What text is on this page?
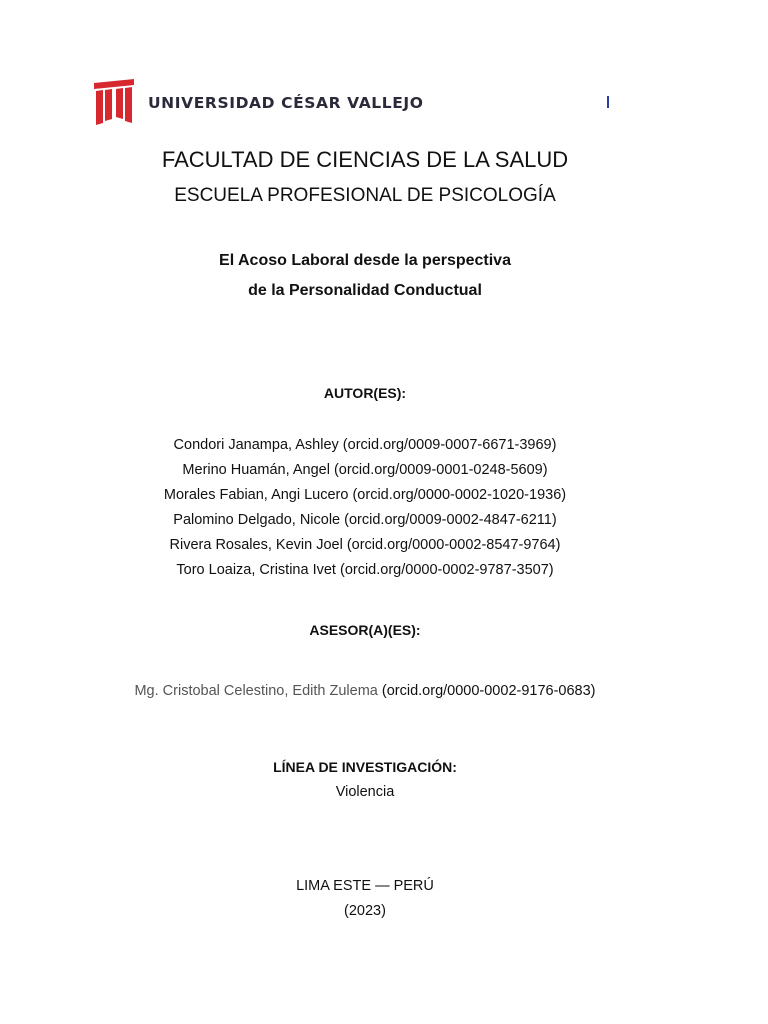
UNIVERSIDAD CÉSAR VALLEJO
FACULTAD DE CIENCIAS DE LA SALUD
ESCUELA PROFESIONAL DE PSICOLOGÍA
El Acoso Laboral desde la perspectiva
de la Personalidad Conductual
AUTOR(ES):
Condori Janampa, Ashley (orcid.org/0009-0007-6671-3969)
Merino Huamán, Angel (orcid.org/0009-0001-0248-5609)
Morales Fabian, Angi Lucero (orcid.org/0000-0002-1020-1936)
Palomino Delgado, Nicole (orcid.org/0009-0002-4847-6211)
Rivera Rosales, Kevin Joel (orcid.org/0000-0002-8547-9764)
Toro Loaiza, Cristina Ivet (orcid.org/0000-0002-9787-3507)
ASESOR(A)(ES):
Mg. Cristobal Celestino, Edith Zulema (orcid.org/0000-0002-9176-0683)
LÍNEA DE INVESTIGACIÓN:
Violencia
LIMA ESTE — PERÚ
(2023)
